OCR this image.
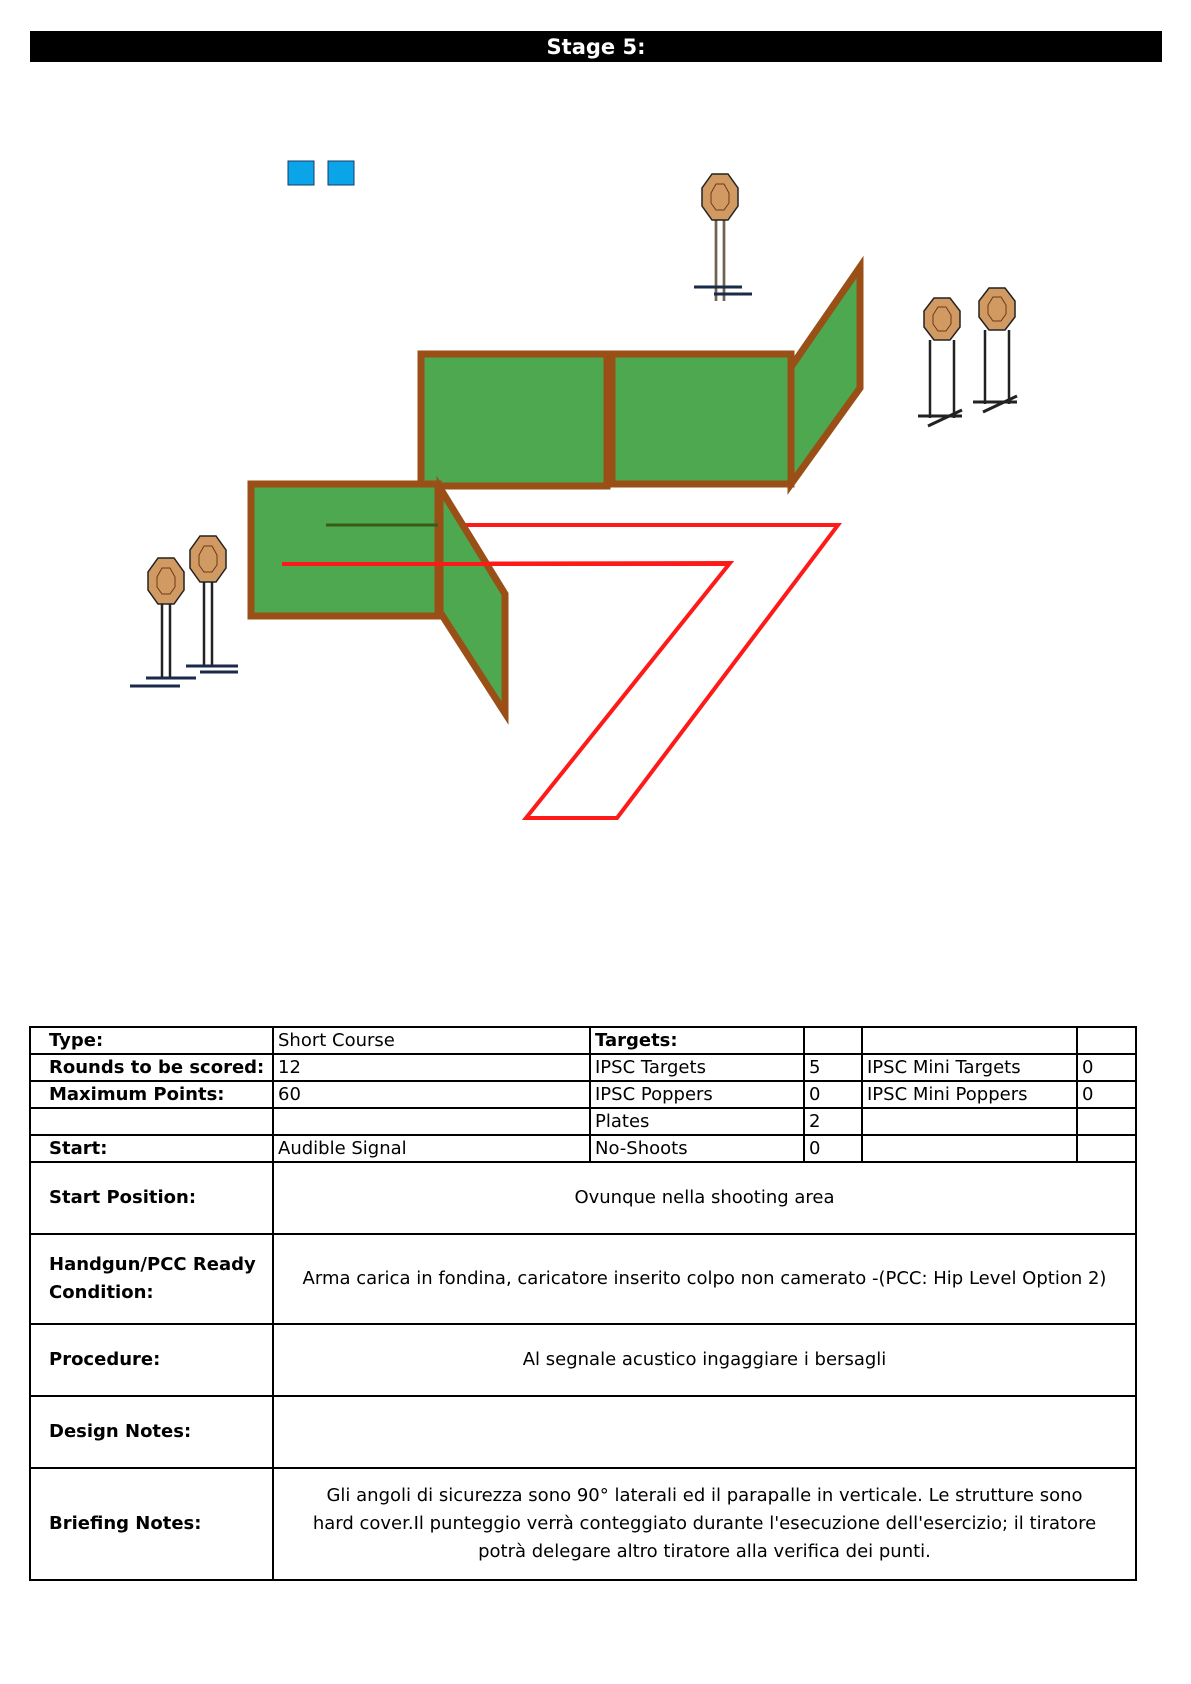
Stage 5:
Type:	Short Course	Targets:			
Rounds to be scored:	12	IPSC Targets	5	IPSC Mini Targets	0
Maximum Points:	60	IPSC Poppers	0	IPSC Mini Poppers	0
		Plates	2		
Start:	Audible Signal	No-Shoots	0		
Start Position:	Ovunque nella shooting area				
Handgun/PCC Ready Condition:	Arma carica in fondina, caricatore inserito colpo non camerato -(PCC: Hip Level Option 2)				
Procedure:	Al segnale acustico ingaggiare i bersagli				
Design Notes:					
Briefing Notes:	Gli angoli di sicurezza sono 90° laterali ed il parapalle in verticale. Le strutture sono hard cover.Il punteggio verrà conteggiato durante l'esecuzione dell'esercizio; il tiratore potrà delegare altro tiratore alla verifica dei punti.				
